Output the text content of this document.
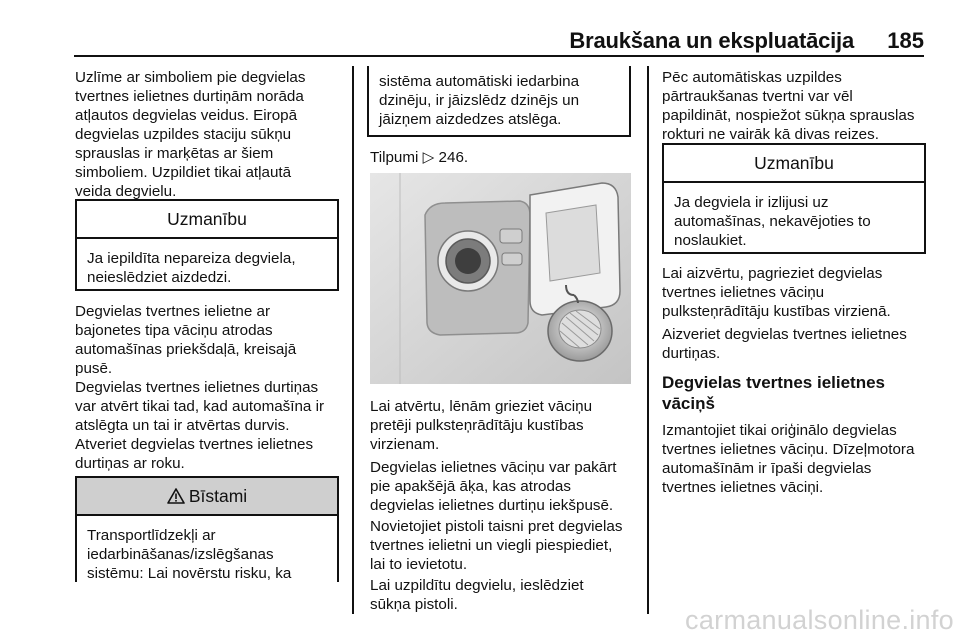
Braukšana un ekspluatācija 185
Uzlīme ar simboliem pie degvielas
tvertnes ielietnes durtiņām norāda
atļautos degvielas veidus. Eiropā
degvielas uzpildes staciju sūkņu
sprauslas ir marķētas ar šiem
simboliem. Uzpildiet tikai atļautā
veida degvielu.
Uzmanību
Ja iepildīta nepareiza degviela,
neieslēdziet aizdedzi.
Degvielas tvertnes ielietne ar
bajonetes tipa vāciņu atrodas
automašīnas priekšdaļā, kreisajā
pusē.
Degvielas tvertnes ielietnes durtiņas
var atvērt tikai tad, kad automašīna ir
atslēgta un tai ir atvērtas durvis.
Atveriet degvielas tvertnes ielietnes
durtiņas ar roku.
Bīstami
Transportlīdzekļi ar
iedarbināšanas/izslēgšanas
sistēmu: Lai novērstu risku, ka
sistēma automātiski iedarbina
dzinēju, ir jāizslēdz dzinējs un
jāizņem aizdedzes atslēga.
Tilpumi ▷ 246.
Lai atvērtu, lēnām grieziet vāciņu
pretēji pulksteņrādītāju kustības
virzienam.
Degvielas ielietnes vāciņu var pakārt
pie apakšējā āķa, kas atrodas
degvielas ielietnes durtiņu iekšpusē.
Novietojiet pistoli taisni pret degvielas
tvertnes ielietni un viegli piespiediet,
lai to ievietotu.
Lai uzpildītu degvielu, ieslēdziet
sūkņa pistoli.
Pēc automātiskas uzpildes
pārtraukšanas tvertni var vēl
papildināt, nospiežot sūkņa sprauslas
rokturi ne vairāk kā divas reizes.
Uzmanību
Ja degviela ir izlijusi uz
automašīnas, nekavējoties to
noslaukiet.
Lai aizvērtu, pagrieziet degvielas
tvertnes ielietnes vāciņu
pulksteņrādītāju kustības virzienā.
Aizveriet degvielas tvertnes ielietnes
durtiņas.
Degvielas tvertnes ielietnes
vāciņš
Izmantojiet tikai oriģinālo degvielas
tvertnes ielietnes vāciņu. Dīzeļmotora
automašīnām ir īpaši degvielas
tvertnes ielietnes vāciņi.
carmanualsonline.info
